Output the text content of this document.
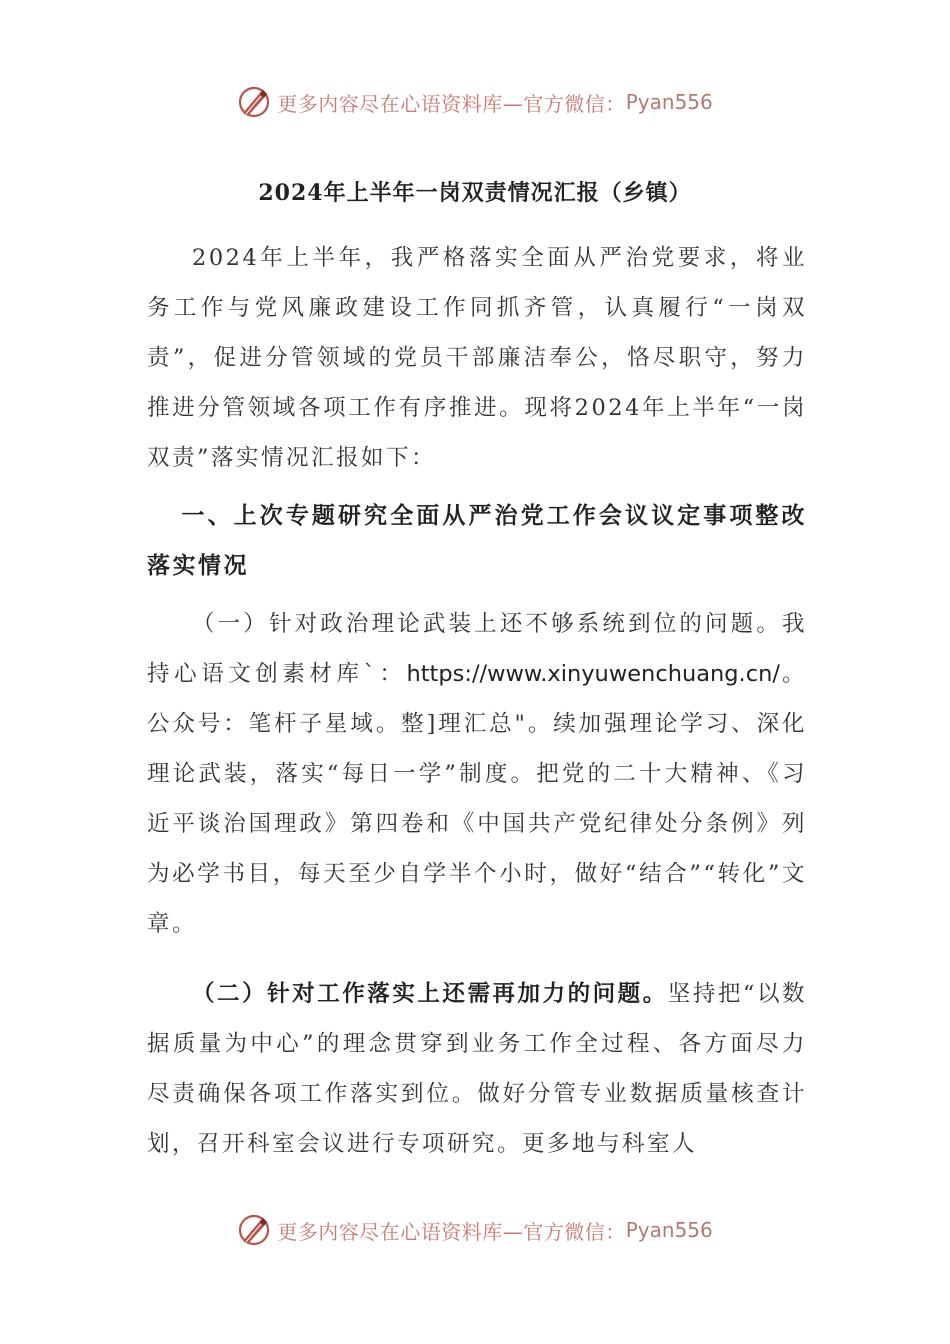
更多内容尽在心语资料库—官方微信： Pyan556
2024年上半年一岗双责情况汇报（乡镇）

2024年上半年，我严格落实全面从严治党要求，将业务工作与党风廉政建设工作同抓齐管，认真履行“一岗双责”，促进分管领域的党员干部廉洁奉公，恪尽职守，努力推进分管领域各项工作有序推进。现将2024年上半年“一岗双责”落实情况汇报如下：

一、上次专题研究全面从严治党工作会议议定事项整改落实情况

（一）针对政治理论武装上还不够系统到位的问题。我持心语文创素材库`：https://www.xinyuwenchuang.cn/。公众号：笔杆子星域。整]理汇总"。续加强理论学习、深化理论武装，落实“每日一学”制度。把党的二十大精神、《习近平谈治国理政》第四卷和《中国共产党纪律处分条例》列为必学书目，每天至少自学半个小时，做好“结合”“转化”文章。

（二）针对工作落实上还需再加力的问题。坚持把“以数据质量为中心”的理念贯穿到业务工作全过程、各方面尽力尽责确保各项工作落实到位。做好分管专业数据质量核查计划，召开科室会议进行专项研究。更多地与科室人

更多内容尽在心语资料库—官方微信： Pyan556
